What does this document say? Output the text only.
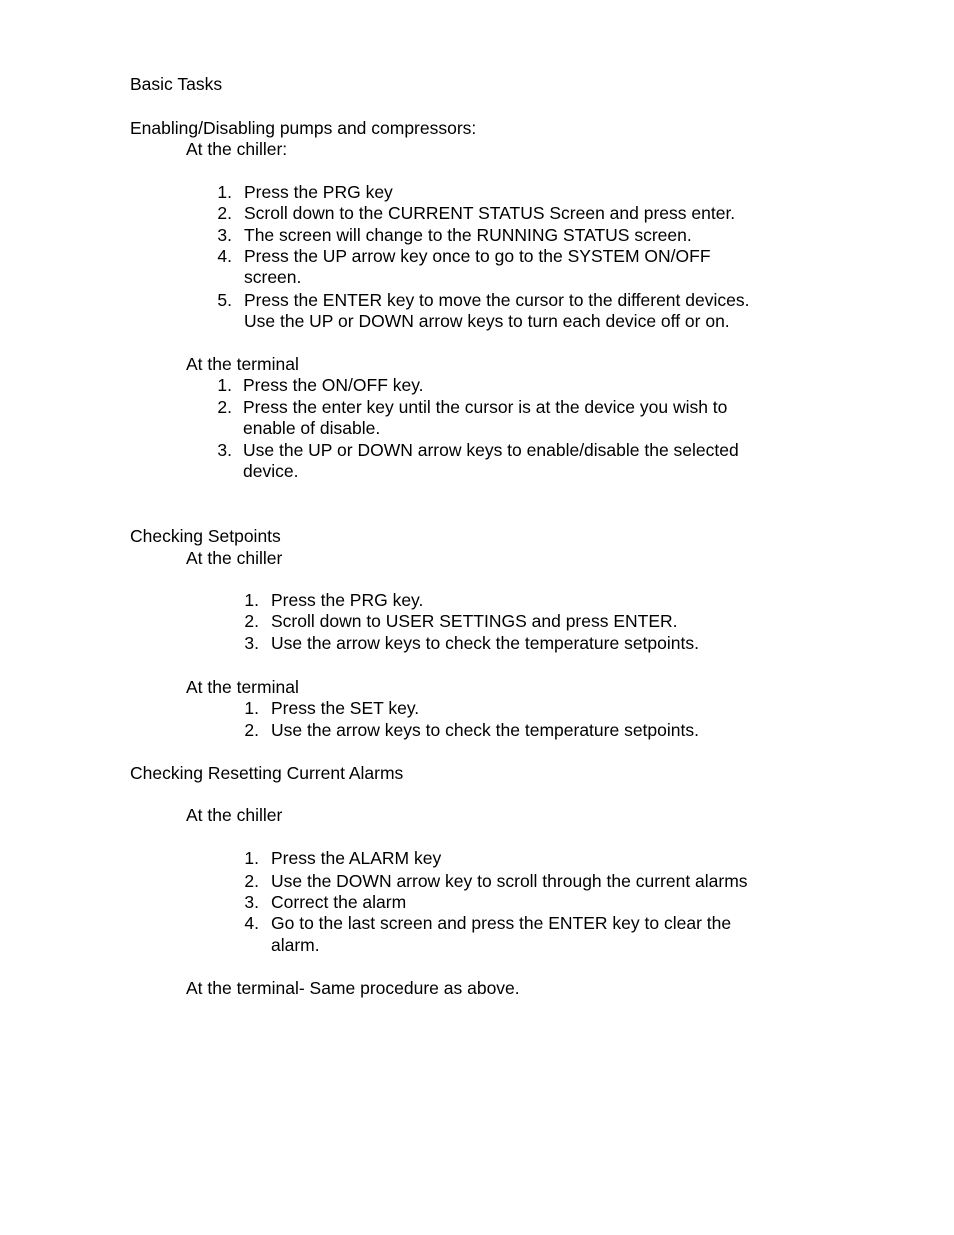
Basic Tasks
Enabling/Disabling pumps and compressors:
At the chiller:
1. Press the PRG key
2. Scroll down to the CURRENT STATUS Screen and press enter.
3. The screen will change to the RUNNING STATUS screen.
4. Press the UP arrow key once to go to the SYSTEM ON/OFF
screen.
5. Press the ENTER key to move the cursor to the different devices.
Use the UP or DOWN arrow keys to turn each device off or on.
At the terminal
1. Press the ON/OFF key.
2. Press the enter key until the cursor is at the device you wish to
enable of disable.
3. Use the UP or DOWN arrow keys to enable/disable the selected
device.
Checking Setpoints
At the chiller
1. Press the PRG key.
2. Scroll down to USER SETTINGS and press ENTER.
3. Use the arrow keys to check the temperature setpoints.
At the terminal
1. Press the SET key.
2. Use the arrow keys to check the temperature setpoints.
Checking Resetting Current Alarms
At the chiller
1. Press the ALARM key
2. Use the DOWN arrow key to scroll through the current alarms
3. Correct the alarm
4. Go to the last screen and press the ENTER key to clear the
alarm.
At the terminal- Same procedure as above.
